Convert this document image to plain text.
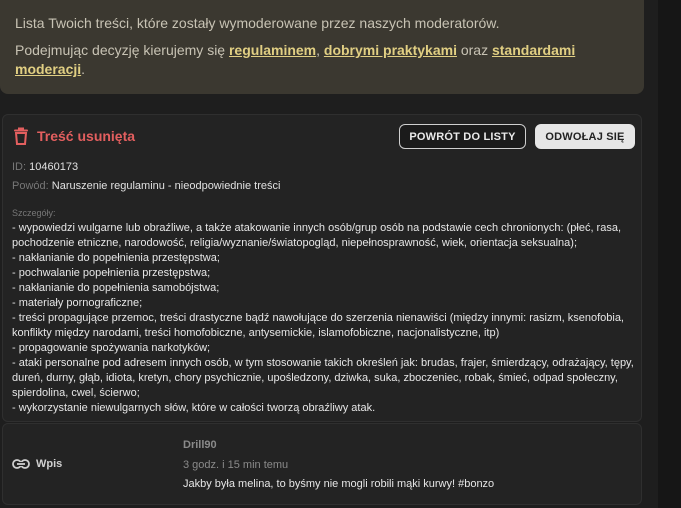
Lista Twoich treści, które zostały wymoderowane przez naszych moderatorów.

Podejmując decyzję kierujemy się regulaminem, dobrymi praktykami oraz standardami moderacji.

Treść usunięta	POWRÓT DO LISTY	ODWOŁAJ SIĘ
ID: 10460173
Powód: Naruszenie regulaminu - nieodpowiednie treści
Szczegóły:
- wypowiedzi wulgarne lub obraźliwe, a także atakowanie innych osób/grup osób na podstawie cech chronionych: (płeć, rasa, pochodzenie etniczne, narodowość, religia/wyznanie/światopogląd, niepełnosprawność, wiek, orientacja seksualna);
- nakłanianie do popełnienia przestępstwa;
- pochwalanie popełnienia przestępstwa;
- nakłanianie do popełnienia samobójstwa;
- materiały pornograficzne;
- treści propagujące przemoc, treści drastyczne bądź nawołujące do szerzenia nienawiści (między innymi: rasizm, ksenofobia, konflikty między narodami, treści homofobiczne, antysemickie, islamofobiczne, nacjonalistyczne, itp)
- propagowanie spożywania narkotyków;
- ataki personalne pod adresem innych osób, w tym stosowanie takich określeń jak: brudas, frajer, śmierdzący, odrażający, tępy, dureń, durny, głąb, idiota, kretyn, chory psychicznie, upośledzony, dziwka, suka, zboczeniec, robak, śmieć, odpad społeczny, spierdolina, cwel, ścierwo;
- wykorzystanie niewulgarnych słów, które w całości tworzą obraźliwy atak.
Wpis
Drill90
3 godz. i 15 min temu
Jakby była melina, to byśmy nie mogli robili mąki kurwy! #bonzo
